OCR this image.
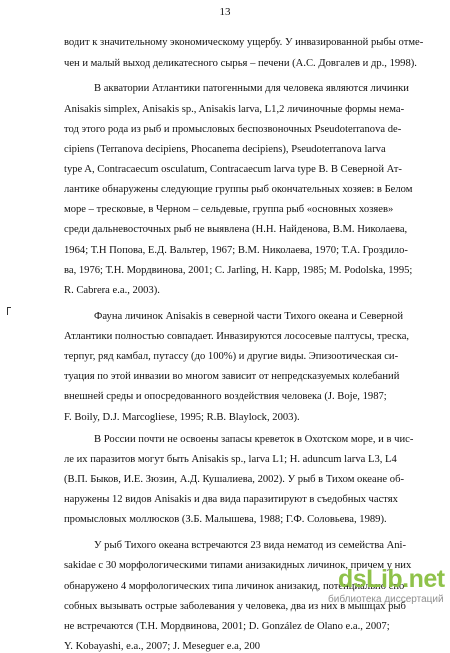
13
водит к значительному экономическому ущербу. У инвазированной рыбы отме-
чен и малый выход деликатесного сырья – печени (А.С. Довгалев и др., 1998).
В акватории Атлантики патогенными для человека являются личинки
Anisakis simplex, Anisakis sp., Anisakis larva, L1,2 личиночные формы нема-
тод этого рода из рыб и промысловых беспозвоночных Pseudoterranova de-
cipiens (Terranova decipiens, Phocanema decipiens), Pseudoterranova larva
type A, Contracaecum osculatum, Contracaecum larva type B. В Северной Ат-
лантике обнаружены следующие группы рыб окончательных хозяев: в Белом
море – тресковые, в Черном – сельдевые, группа рыб «основных хозяев»
среди дальневосточных рыб не выявлена (Н.Н. Найденова, В.М. Николаева,
1964; Т.Н Попова, Е.Д. Вальтер, 1967; В.М. Николаева, 1970; Т.А. Гроздило-
ва, 1976; Т.Н. Мордвинова, 2001; С. Jarling, H. Kapp, 1985; M. Podolska, 1995;
R. Cabrera е.а., 2003).
Фауна личинок Anisakis в северной части Тихого океана и Северной
Атлантики полностью совпадает. Инвазируются лососевые палтусы, треска,
терпуг, ряд камбал, путассу (до 100%) и другие виды. Эпизоотическая си-
туация по этой инвазии во многом зависит от непредсказуемых колебаний
внешней среды и опосредованного воздействия человека (J. Boje, 1987;
F. Boily, D.J. Marcogliese, 1995; R.B. Blaylock, 2003).
В России почти не освоены запасы креветок в Охотском море, и в чис-
ле их паразитов могут быть Anisakis sp., larva L1; H. aduncum larva L3, L4
(В.П. Быков, И.Е. Зюзин, А.Д. Кушалиева, 2002). У рыб в Тихом океане об-
наружены 12 видов Anisakis и два вида паразитируют в съедобных частях
промысловых моллюсков (З.Б. Малышева, 1988; Г.Ф. Соловьева, 1989).
У рыб Тихого океана встречаются 23 вида нематод из семейства Ani-
sakidae с 30 морфологическими типами анизакидных личинок, причем у них
обнаружено 4 морфологических типа личинок анизакид, потенциально спо-
собных вызывать острые заболевания у человека, два из них в мышцах рыб
не встречаются (Т.Н. Мордвинова, 2001; D. González de Olano e.a., 2007;
Y. Kobayashi, e.a., 2007; J. Meseguer e.a, 200
dsLib.net
библиотека диссертаций
